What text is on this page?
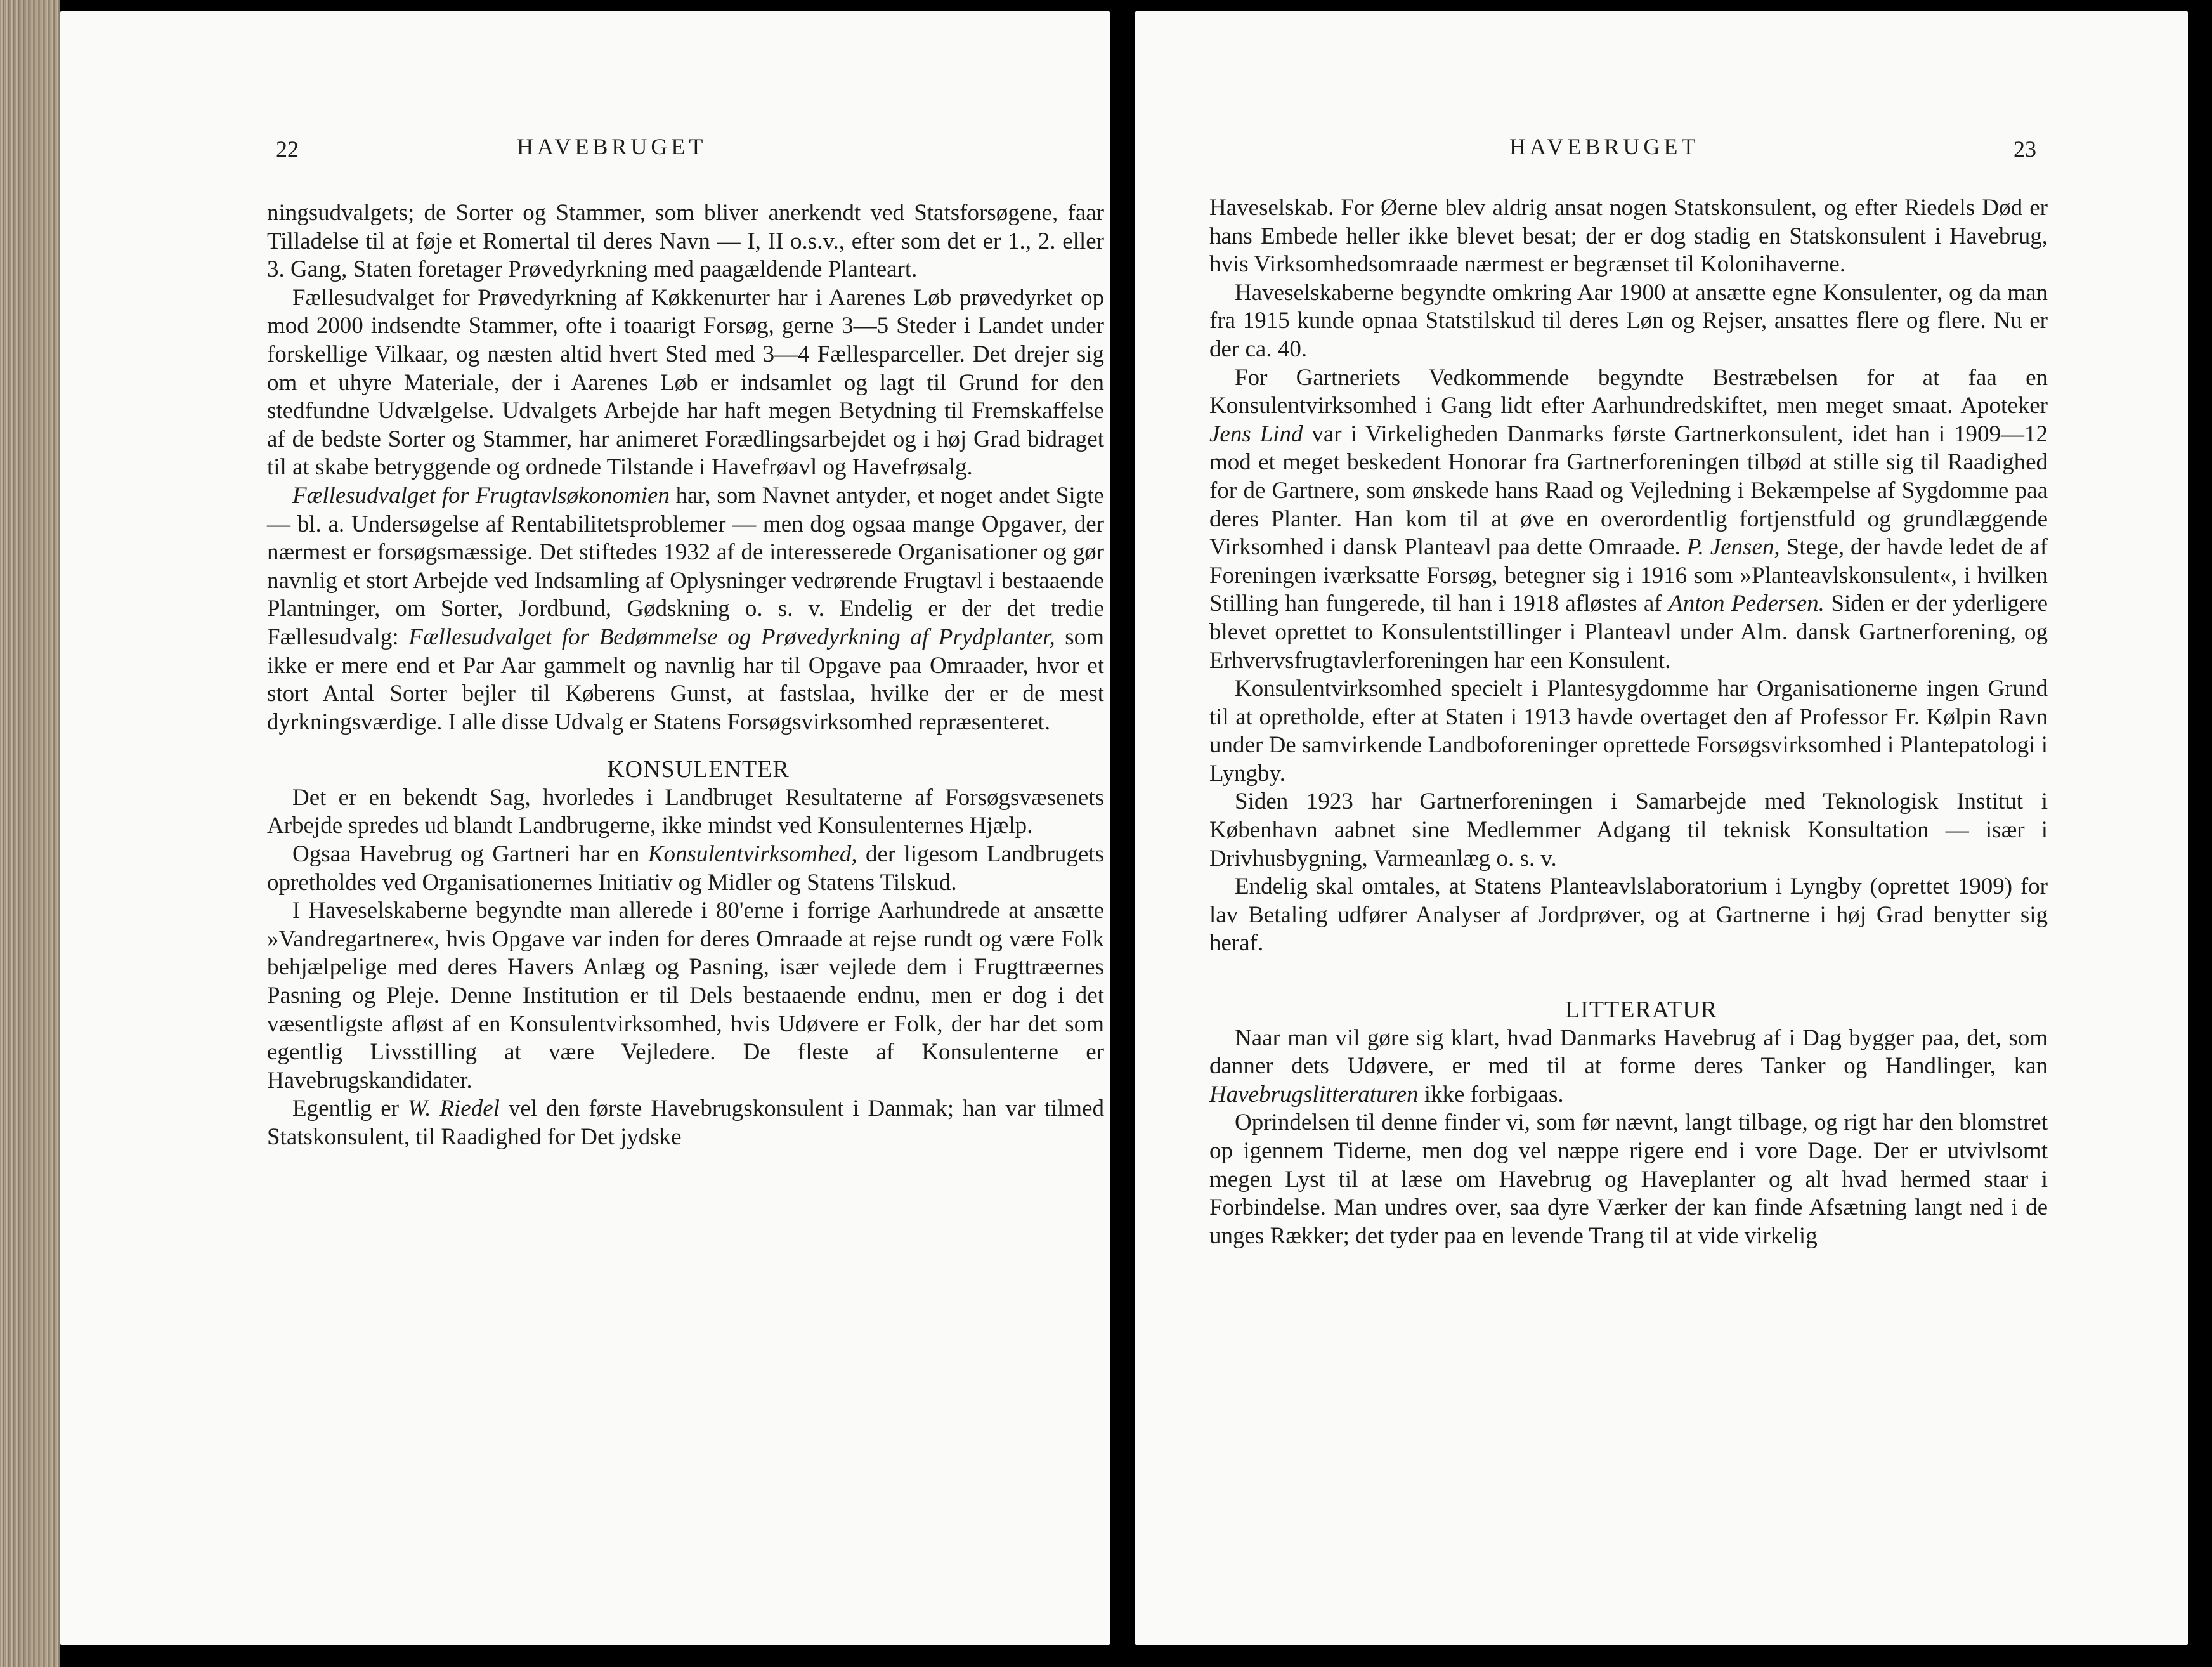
22	HAVEBRUGET

ningsudvalgets; de Sorter og Stammer, som bliver anerkendt ved Statsforsøgene, faar Tilladelse til at føje et Romertal til deres Navn — I, II o.s.v., efter som det er 1., 2. eller 3. Gang, Staten foretager Prøvedyrkning med paagældende Planteart.

Fællesudvalget for Prøvedyrkning af Køkkenurter har i Aarenes Løb prøvedyrket op mod 2000 indsendte Stammer, ofte i toaarigt Forsøg, gerne 3—5 Steder i Landet under forskellige Vilkaar, og næsten altid hvert Sted med 3—4 Fællesparceller. Det drejer sig om et uhyre Materiale, der i Aarenes Løb er indsamlet og lagt til Grund for den stedfundne Udvælgelse. Udvalgets Arbejde har haft megen Betydning til Fremskaffelse af de bedste Sorter og Stammer, har animeret Forædlingsarbejdet og i høj Grad bidraget til at skabe betryggende og ordnede Tilstande i Havefrøavl og Havefrøsalg.

Fællesudvalget for Frugtavlsøkonomien har, som Navnet antyder, et noget andet Sigte — bl. a. Undersøgelse af Rentabilitetsproblemer — men dog ogsaa mange Opgaver, der nærmest er forsøgsmæssige. Det stiftedes 1932 af de interesserede Organisationer og gør navnlig et stort Arbejde ved Indsamling af Oplysninger vedrørende Frugtavl i bestaaende Plantninger, om Sorter, Jordbund, Gødskning o. s. v. Endelig er der det tredie Fællesudvalg: Fællesudvalget for Bedømmelse og Prøvedyrkning af Prydplanter, som ikke er mere end et Par Aar gammelt og navnlig har til Opgave paa Omraader, hvor et stort Antal Sorter bejler til Køberens Gunst, at fastslaa, hvilke der er de mest dyrkningsværdige. I alle disse Udvalg er Statens Forsøgsvirksomhed repræsenteret.

KONSULENTER

Det er en bekendt Sag, hvorledes i Landbruget Resultaterne af Forsøgsvæsenets Arbejde spredes ud blandt Landbrugerne, ikke mindst ved Konsulenternes Hjælp.

Ogsaa Havebrug og Gartneri har en Konsulentvirksomhed, der ligesom Landbrugets opretholdes ved Organisationernes Initiativ og Midler og Statens Tilskud.

I Haveselskaberne begyndte man allerede i 80'erne i forrige Aarhundrede at ansætte »Vandregartnere«, hvis Opgave var inden for deres Omraade at rejse rundt og være Folk behjælpelige med deres Havers Anlæg og Pasning, især vejlede dem i Frugttræernes Pasning og Pleje. Denne Institution er til Dels bestaaende endnu, men er dog i det væsentligste afløst af en Konsulentvirksomhed, hvis Udøvere er Folk, der har det som egentlig Livsstilling at være Vejledere. De fleste af Konsulenterne er Havebrugskandidater.

Egentlig er W. Riedel vel den første Havebrugskonsulent i Danmak; han var tilmed Statskonsulent, til Raadighed for Det jydske

HAVEBRUGET	23

Haveselskab. For Øerne blev aldrig ansat nogen Statskonsulent, og efter Riedels Død er hans Embede heller ikke blevet besat; der er dog stadig en Statskonsulent i Havebrug, hvis Virksomhedsomraade nærmest er begrænset til Kolonihaverne.

Haveselskaberne begyndte omkring Aar 1900 at ansætte egne Konsulenter, og da man fra 1915 kunde opnaa Statstilskud til deres Løn og Rejser, ansattes flere og flere. Nu er der ca. 40.

For Gartneriets Vedkommende begyndte Bestræbelsen for at faa en Konsulentvirksomhed i Gang lidt efter Aarhundredskiftet, men meget smaat. Apoteker Jens Lind var i Virkeligheden Danmarks første Gartnerkonsulent, idet han i 1909—12 mod et meget beskedent Honorar fra Gartnerforeningen tilbød at stille sig til Raadighed for de Gartnere, som ønskede hans Raad og Vejledning i Bekæmpelse af Sygdomme paa deres Planter. Han kom til at øve en overordentlig fortjenstfuld og grundlæggende Virksomhed i dansk Planteavl paa dette Omraade. P. Jensen, Stege, der havde ledet de af Foreningen iværksatte Forsøg, betegner sig i 1916 som »Planteavlskonsulent«, i hvilken Stilling han fungerede, til han i 1918 afløstes af Anton Pedersen. Siden er der yderligere blevet oprettet to Konsulentstillinger i Planteavl under Alm. dansk Gartnerforening, og Erhvervsfrugtavlerforeningen har een Konsulent.

Konsulentvirksomhed specielt i Plantesygdomme har Organisationerne ingen Grund til at opretholde, efter at Staten i 1913 havde overtaget den af Professor Fr. Kølpin Ravn under De samvirkende Landboforeninger oprettede Forsøgsvirksomhed i Plantepatologi i Lyngby.

Siden 1923 har Gartnerforeningen i Samarbejde med Teknologisk Institut i København aabnet sine Medlemmer Adgang til teknisk Konsultation — især i Drivhusbygning, Varmeanlæg o. s. v.

Endelig skal omtales, at Statens Planteavlslaboratorium i Lyngby (oprettet 1909) for lav Betaling udfører Analyser af Jordprøver, og at Gartnerne i høj Grad benytter sig heraf.

LITTERATUR

Naar man vil gøre sig klart, hvad Danmarks Havebrug af i Dag bygger paa, det, som danner dets Udøvere, er med til at forme deres Tanker og Handlinger, kan Havebrugslitteraturen ikke forbigaas.

Oprindelsen til denne finder vi, som før nævnt, langt tilbage, og rigt har den blomstret op igennem Tiderne, men dog vel næppe rigere end i vore Dage. Der er utvivlsomt megen Lyst til at læse om Havebrug og Haveplanter og alt hvad hermed staar i Forbindelse. Man undres over, saa dyre Værker der kan finde Afsætning langt ned i de unges Rækker; det tyder paa en levende Trang til at vide virkelig
